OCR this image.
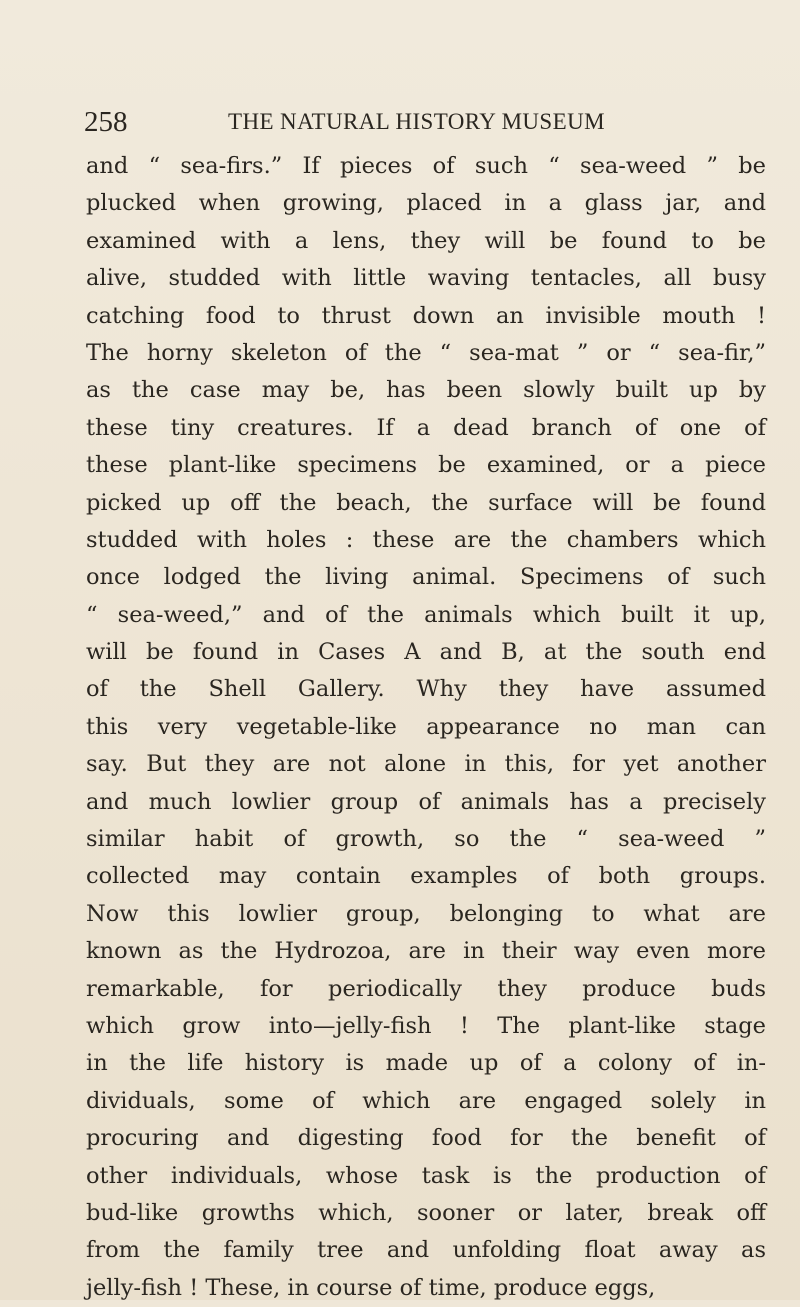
258	THE NATURAL HISTORY MUSEUM
and “ sea-firs.” If pieces of such “ sea-weed ” be
plucked when growing, placed in a glass jar, and
examined with a lens, they will be found to be
alive, studded with little waving tentacles, all busy
catching food to thrust down an invisible mouth !
The horny skeleton of the “ sea-mat ” or “ sea-fir,”
as the case may be, has been slowly built up by
these tiny creatures. If a dead branch of one of
these plant-like specimens be examined, or a piece
picked up off the beach, the surface will be found
studded with holes : these are the chambers which
once lodged the living animal. Specimens of such
“ sea-weed,” and of the animals which built it up,
will be found in Cases A and B, at the south end
of the Shell Gallery. Why they have assumed
this very vegetable-like appearance no man can
say. But they are not alone in this, for yet another
and much lowlier group of animals has a precisely
similar habit of growth, so the “ sea-weed ”
collected may contain examples of both groups.
Now this lowlier group, belonging to what are
known as the Hydrozoa, are in their way even more
remarkable, for periodically they produce buds
which grow into—jelly-fish ! The plant-like stage
in the life history is made up of a colony of in-
dividuals, some of which are engaged solely in
procuring and digesting food for the benefit of
other individuals, whose task is the production of
bud-like growths which, sooner or later, break off
from the family tree and unfolding float away as
jelly-fish ! These, in course of time, produce eggs,
